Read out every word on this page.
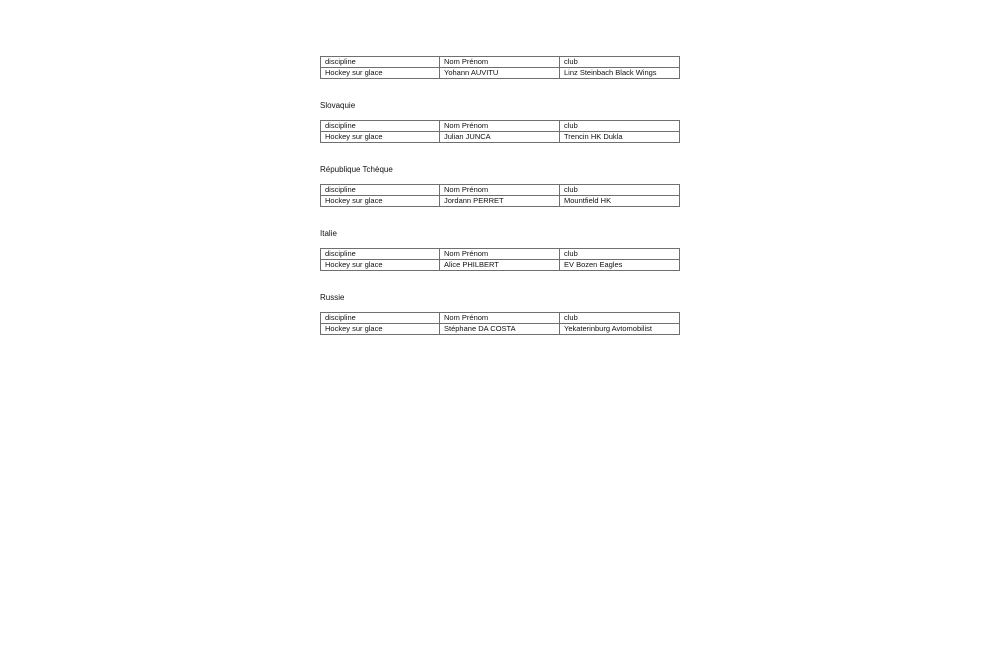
discipline	Nom Prénom	club
Hockey sur glace	Yohann AUVITU	Linz Steinbach Black Wings
Slovaquie
discipline	Nom Prénom	club
Hockey sur glace	Julian JUNCA	Trencin HK Dukla
République Tchèque
discipline	Nom Prénom	club
Hockey sur glace	Jordann PERRET	Mountfield HK
Italie
discipline	Nom Prénom	club
Hockey sur glace	Alice PHILBERT	EV Bozen Eagles
Russie
discipline	Nom Prénom	club
Hockey sur glace	Stéphane DA COSTA	Yekaterinburg Avtomobilist
